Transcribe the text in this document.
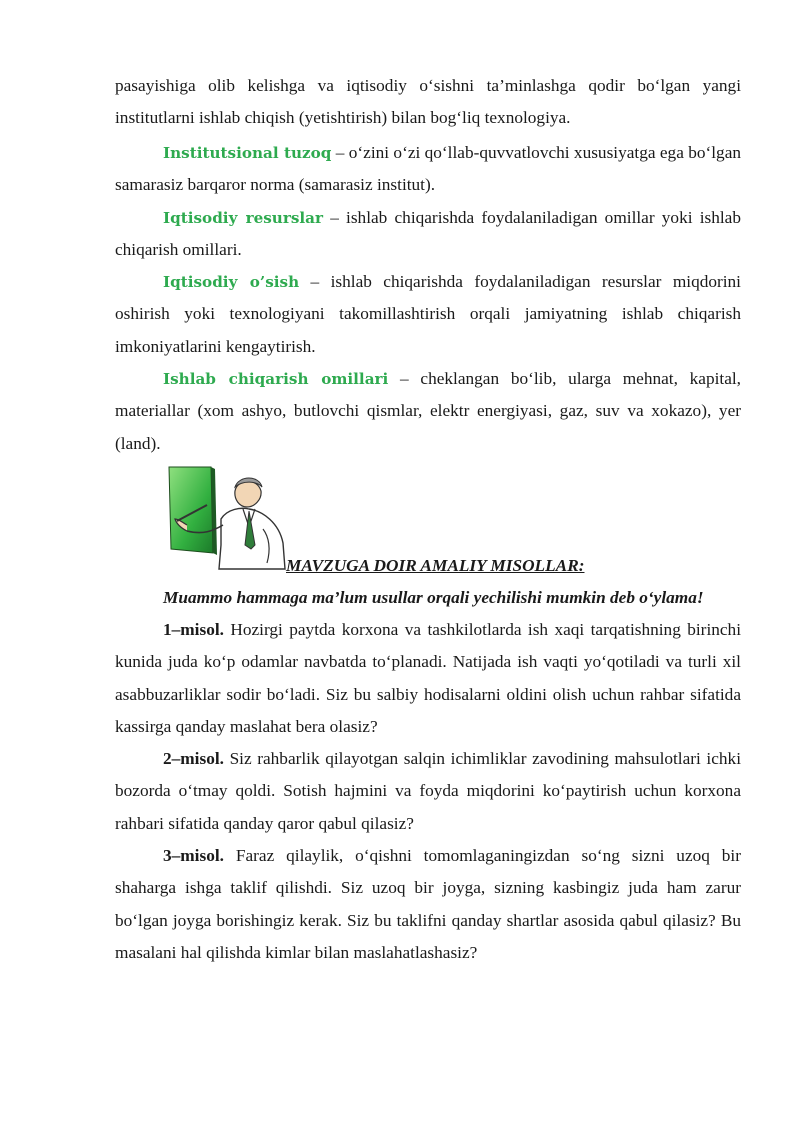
pasayishiga olib kelishga va iqtisodiy o‘sishni ta’minlashga qodir bo‘lgan yangi institutlarni ishlab chiqish (yetishtirish) bilan bog‘liq texnologiya.

Institutsional tuzoq – o‘zini o‘zi qo‘llab-quvvatlovchi xususiyatga ega bo‘lgan samarasiz barqaror norma (samarasiz institut).

Iqtisodiy resurslar – ishlab chiqarishda foydalaniladigan omillar yoki ishlab chiqarish omillari.

Iqtisodiy o’sish – ishlab chiqarishda foydalaniladigan resurslar miqdorini oshirish yoki texnologiyani takomillashtirish orqali jamiyatning ishlab chiqarish imkoniyatlarini kengaytirish.

Ishlab chiqarish omillari – cheklangan bo‘lib, ularga mehnat, kapital, materiallar (xom ashyo, butlovchi qismlar, elektr energiyasi, gaz, suv va xokazo), yer (land).

MAVZUGA DOIR AMALIY MISOLLAR:

Muammo hammaga ma’lum usullar orqali yechilishi mumkin deb o‘ylama!

1–misol. Hozirgi paytda korxona va tashkilotlarda ish xaqi tarqatishning birinchi kunida juda ko‘p odamlar navbatda to‘planadi. Natijada ish vaqti yo‘qotiladi va turli xil asabbuzarliklar sodir bo‘ladi. Siz bu salbiy hodisalarni oldini olish uchun rahbar sifatida kassirga qanday maslahat bera olasiz?

2–misol. Siz rahbarlik qilayotgan salqin ichimliklar zavodining mahsulotlari ichki bozorda o‘tmay qoldi. Sotish hajmini va foyda miqdorini ko‘paytirish uchun korxona rahbari sifatida qanday qaror qabul qilasiz?

3–misol. Faraz qilaylik, o‘qishni tomomlaganingizdan so‘ng sizni uzoq bir shaharga ishga taklif qilishdi. Siz uzoq bir joyga, sizning kasbingiz juda ham zarur bo‘lgan joyga borishingiz kerak. Siz bu taklifni qanday shartlar asosida qabul qilasiz? Bu masalani hal qilishda kimlar bilan maslahatlashasiz?
